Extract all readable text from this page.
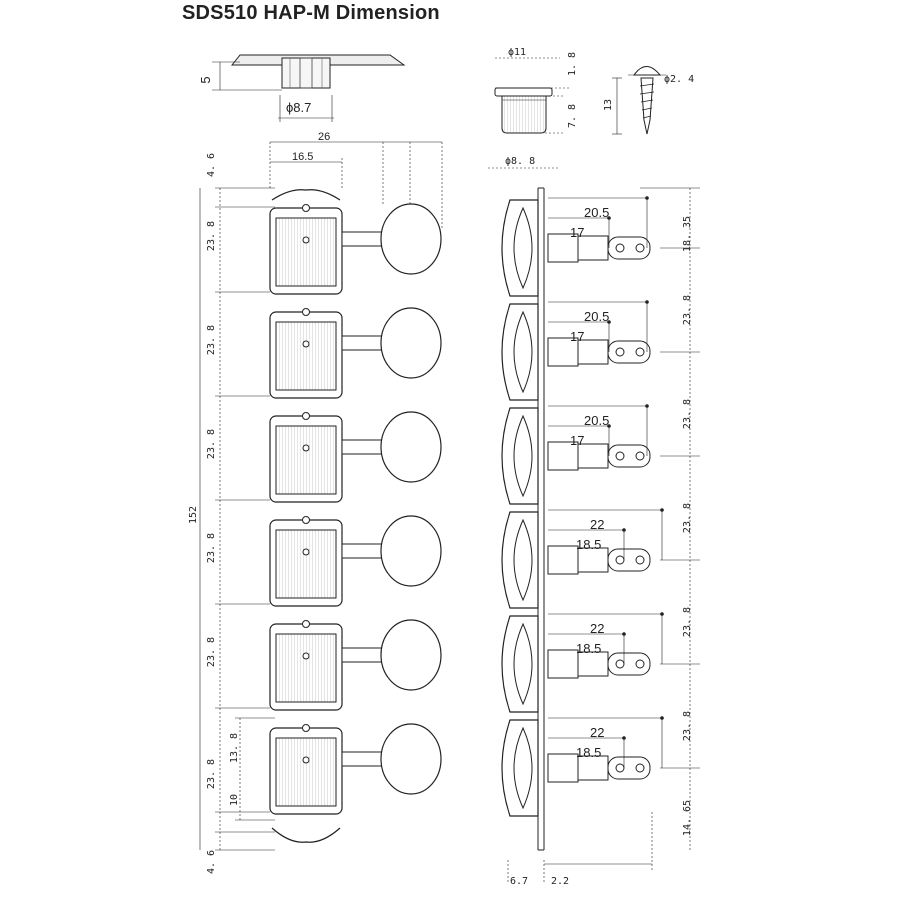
SDS510 HAP-M Dimension
5
ϕ8.7
ϕ11	1. 8
7. 8
ϕ8. 8
ϕ2. 4
13
26
16.5
4. 6
4. 6
152
13. 8
10
23. 8
23. 8
23. 8
23. 8
23. 8
23. 8
20.5
17
20.5
17
20.5
17
22
18.5
22
18.5
22
18.5
18. 35
23. 8
23. 8
23. 8
23. 8
23. 8
14. 65
6.7 2.2
